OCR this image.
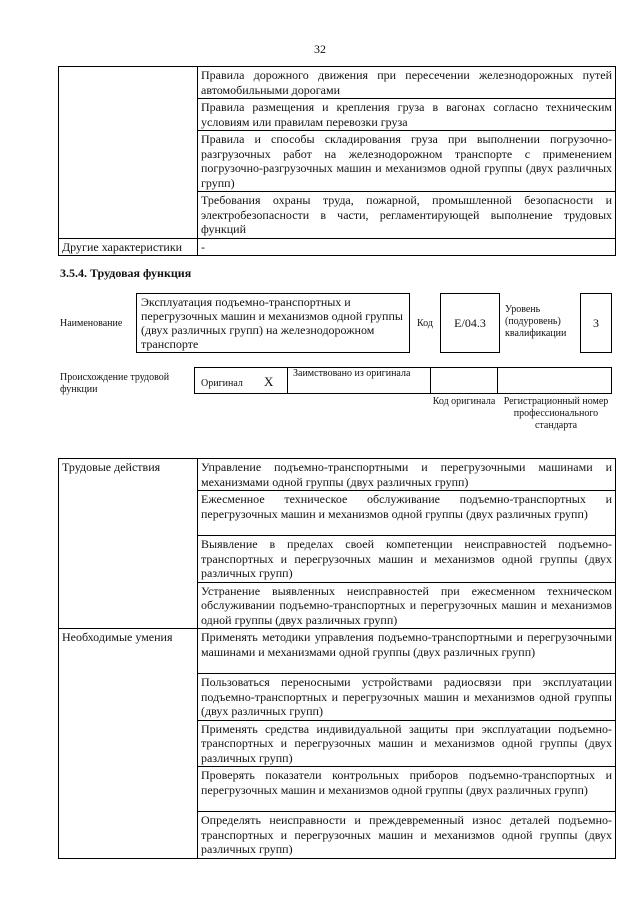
32
	Правила дорожного движения при пересечении железнодорожных путей автомобильными дорогами
	Правила размещения и крепления груза в вагонах согласно техническим условиям или правилам перевозки груза
	Правила и способы складирования груза при выполнении погрузочно-разгрузочных работ на железнодорожном транспорте с применением погрузочно-разгрузочных машин и механизмов одной группы (двух различных групп)
	Требования охраны труда, пожарной, промышленной безопасности и электробезопасности в части, регламентирующей выполнение трудовых функций
Другие характеристики	-
3.5.4. Трудовая функция
Наименование
Эксплуатация подъемно-транспортных и перегрузочных машин и механизмов одной группы (двух различных групп) на железнодорожном транспорте
Код	E/04.3
Уровень (подуровень) квалификации
3
Происхождение трудовой функции
Оригинал X
Заимствовано из оригинала
Код оригинала Регистрационный номер профессионального стандарта
Трудовые действия	Управление подъемно-транспортными и перегрузочными машинами и механизмами одной группы (двух различных групп)
	Ежесменное техническое обслуживание подъемно-транспортных и перегрузочных машин и механизмов одной группы (двух различных групп)
	Выявление в пределах своей компетенции неисправностей подъемно-транспортных и перегрузочных машин и механизмов одной группы (двух различных групп)
	Устранение выявленных неисправностей при ежесменном техническом обслуживании подъемно-транспортных и перегрузочных машин и механизмов одной группы (двух различных групп)
Необходимые умения	Применять методики управления подъемно-транспортными и перегрузочными машинами и механизмами одной группы (двух различных групп)
	Пользоваться переносными устройствами радиосвязи при эксплуатации подъемно-транспортных и перегрузочных машин и механизмов одной группы (двух различных групп)
	Применять средства индивидуальной защиты при эксплуатации подъемно-транспортных и перегрузочных машин и механизмов одной группы (двух различных групп)
	Проверять показатели контрольных приборов подъемно-транспортных и перегрузочных машин и механизмов одной группы (двух различных групп)
	Определять неисправности и преждевременный износ деталей подъемно-транспортных и перегрузочных машин и механизмов одной группы (двух различных групп)
